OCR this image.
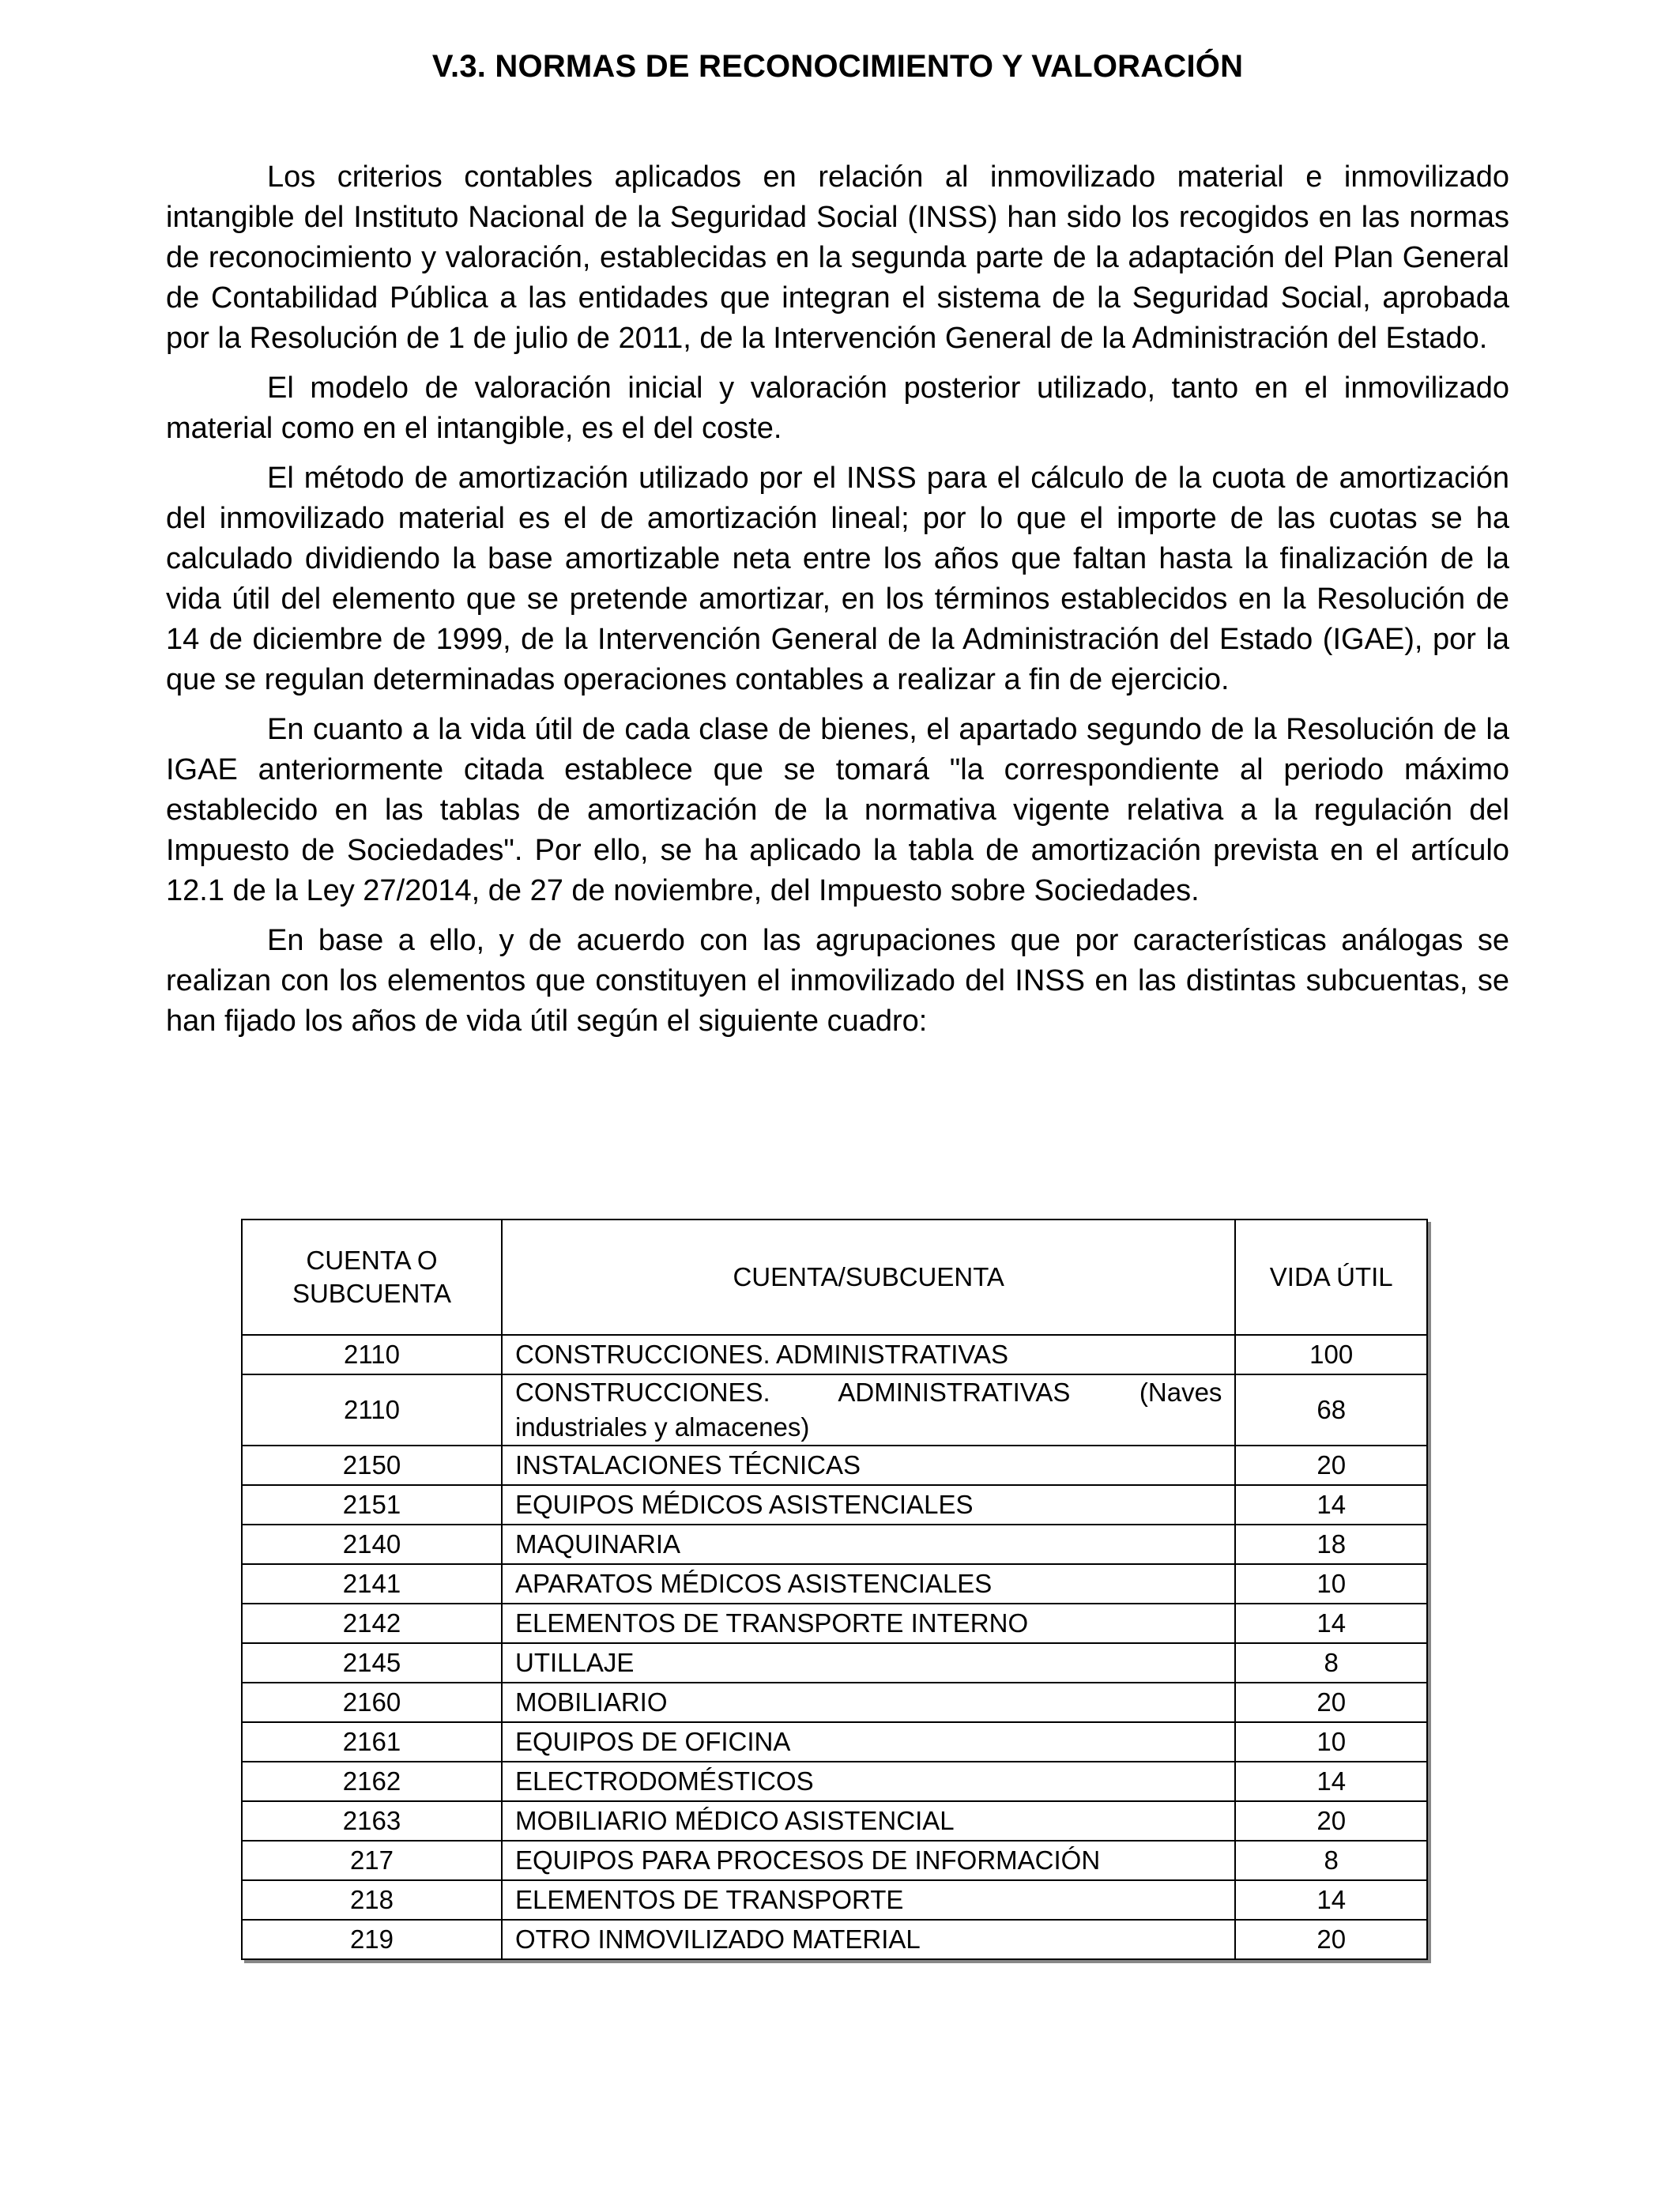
V.3. NORMAS DE RECONOCIMIENTO Y VALORACIÓN

Los criterios contables aplicados en relación al inmovilizado material e inmovilizado intangible del Instituto Nacional de la Seguridad Social (INSS) han sido los recogidos en las normas de reconocimiento y valoración, establecidas en la segunda parte de la adaptación del Plan General de Contabilidad Pública a las entidades que integran el sistema de la Seguridad Social, aprobada por la Resolución de 1 de julio de 2011, de la Intervención General de la Administración del Estado.

El modelo de valoración inicial y valoración posterior utilizado, tanto en el inmovilizado material como en el intangible, es el del coste.

El método de amortización utilizado por el INSS para el cálculo de la cuota de amortización del inmovilizado material es el de amortización lineal; por lo que el importe de las cuotas se ha calculado dividiendo la base amortizable neta entre los años que faltan hasta la finalización de la vida útil del elemento que se pretende amortizar, en los términos establecidos en la Resolución de 14 de diciembre de 1999, de la Intervención General de la Administración del Estado (IGAE), por la que se regulan determinadas operaciones contables a realizar a fin de ejercicio.

En cuanto a la vida útil de cada clase de bienes, el apartado segundo de la Resolución de la IGAE anteriormente citada establece que se tomará "la correspondiente al periodo máximo establecido en las tablas de amortización de la normativa vigente relativa a la regulación del Impuesto de Sociedades". Por ello, se ha aplicado la tabla de amortización prevista en el artículo 12.1 de la Ley 27/2014, de 27 de noviembre, del Impuesto sobre Sociedades.

En base a ello, y de acuerdo con las agrupaciones que por características análogas se realizan con los elementos que constituyen el inmovilizado del INSS en las distintas subcuentas, se han fijado los años de vida útil según el siguiente cuadro:

CUENTA O SUBCUENTA	CUENTA/SUBCUENTA	VIDA ÚTIL
2110	CONSTRUCCIONES. ADMINISTRATIVAS	100
2110	CONSTRUCCIONES. ADMINISTRATIVAS (Naves industriales y almacenes)	68
2150	INSTALACIONES TÉCNICAS	20
2151	EQUIPOS MÉDICOS ASISTENCIALES	14
2140	MAQUINARIA	18
2141	APARATOS MÉDICOS ASISTENCIALES	10
2142	ELEMENTOS DE TRANSPORTE INTERNO	14
2145	UTILLAJE	8
2160	MOBILIARIO	20
2161	EQUIPOS DE OFICINA	10
2162	ELECTRODOMÉSTICOS	14
2163	MOBILIARIO MÉDICO ASISTENCIAL	20
217	EQUIPOS PARA PROCESOS DE INFORMACIÓN	8
218	ELEMENTOS DE TRANSPORTE	14
219	OTRO INMOVILIZADO MATERIAL	20
